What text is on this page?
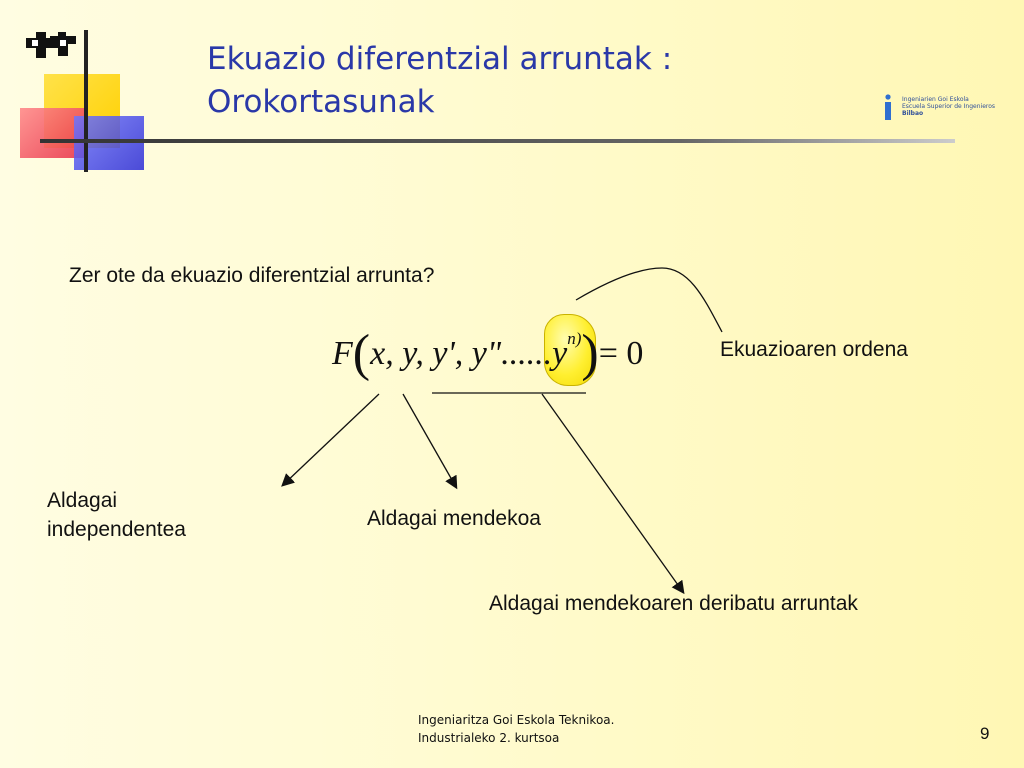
Ekuazio diferentzial arruntak :
Orokortasunak	Ingeniarien Goi Eskola
Escuela Superior de Ingenieros
Bilbao
Zer ote da ekuazio diferentzial arrunta?
F(x, y, y', $y"......y^{n)})= 0$	Ekuazioaren ordena
Aldagai
independentea	Aldagai mendekoa
Aldagai mendekoaren deribatu arruntak
Ingeniaritza Goi Eskola Teknikoa.
Industrialeko 2. kurtsoa	9
